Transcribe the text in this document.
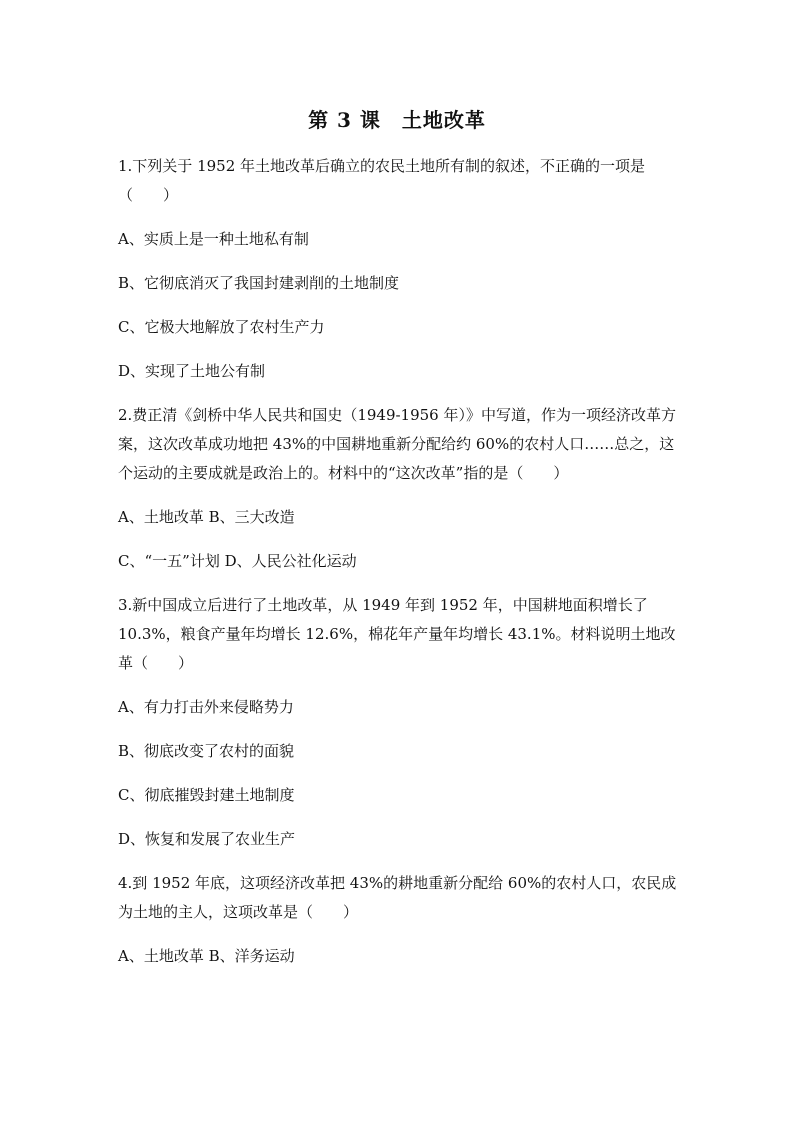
第 3 课　土地改革

1.下列关于 1952 年土地改革后确立的农民土地所有制的叙述，不正确的一项是（　　）

A、实质上是一种土地私有制

B、它彻底消灭了我国封建剥削的土地制度

C、它极大地解放了农村生产力

D、实现了土地公有制

2.费正清《剑桥中华人民共和国史（1949-1956 年）》中写道，作为一项经济改革方案，这次改革成功地把 43%的中国耕地重新分配给约 60%的农村人口……总之，这个运动的主要成就是政治上的。材料中的“这次改革”指的是（　　）

A、土地改革 B、三大改造

C、“一五”计划 D、人民公社化运动

3.新中国成立后进行了土地改革，从 1949 年到 1952 年，中国耕地面积增长了 10.3%，粮食产量年均增长 12.6%，棉花年产量年均增长 43.1%。材料说明土地改革（　　）

A、有力打击外来侵略势力

B、彻底改变了农村的面貌

C、彻底摧毁封建土地制度

D、恢复和发展了农业生产

4.到 1952 年底，这项经济改革把 43%的耕地重新分配给 60%的农村人口，农民成为土地的主人，这项改革是（　　）

A、土地改革 B、洋务运动
